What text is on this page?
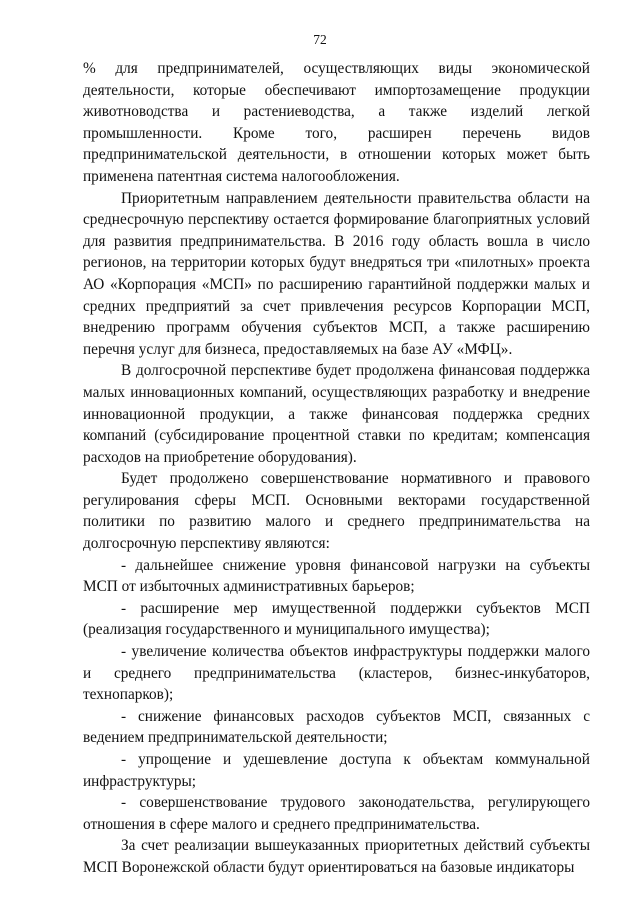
72

% для предпринимателей, осуществляющих виды экономической деятельности, которые обеспечивают импортозамещение продукции животноводства и растениеводства, а также изделий легкой промышленности. Кроме того, расширен перечень видов предпринимательской деятельности, в отношении которых может быть применена патентная система налогообложения.

Приоритетным направлением деятельности правительства области на среднесрочную перспективу остается формирование благоприятных условий для развития предпринимательства. В 2016 году область вошла в число регионов, на территории которых будут внедряться три «пилотных» проекта АО «Корпорация «МСП» по расширению гарантийной поддержки малых и средних предприятий за счет привлечения ресурсов Корпорации МСП, внедрению программ обучения субъектов МСП, а также расширению перечня услуг для бизнеса, предоставляемых на базе АУ «МФЦ».

В долгосрочной перспективе будет продолжена финансовая поддержка малых инновационных компаний, осуществляющих разработку и внедрение инновационной продукции, а также финансовая поддержка средних компаний (субсидирование процентной ставки по кредитам; компенсация расходов на приобретение оборудования).

Будет продолжено совершенствование нормативного и правового регулирования сферы МСП. Основными векторами государственной политики по развитию малого и среднего предпринимательства на долгосрочную перспективу являются:

- дальнейшее снижение уровня финансовой нагрузки на субъекты МСП от избыточных административных барьеров;

- расширение мер имущественной поддержки субъектов МСП (реализация государственного и муниципального имущества);

- увеличение количества объектов инфраструктуры поддержки малого и среднего предпринимательства (кластеров, бизнес-инкубаторов, технопарков);

- снижение финансовых расходов субъектов МСП, связанных с ведением предпринимательской деятельности;

- упрощение и удешевление доступа к объектам коммунальной инфраструктуры;

- совершенствование трудового законодательства, регулирующего отношения в сфере малого и среднего предпринимательства.

За счет реализации вышеуказанных приоритетных действий субъекты МСП Воронежской области будут ориентироваться на базовые индикаторы
